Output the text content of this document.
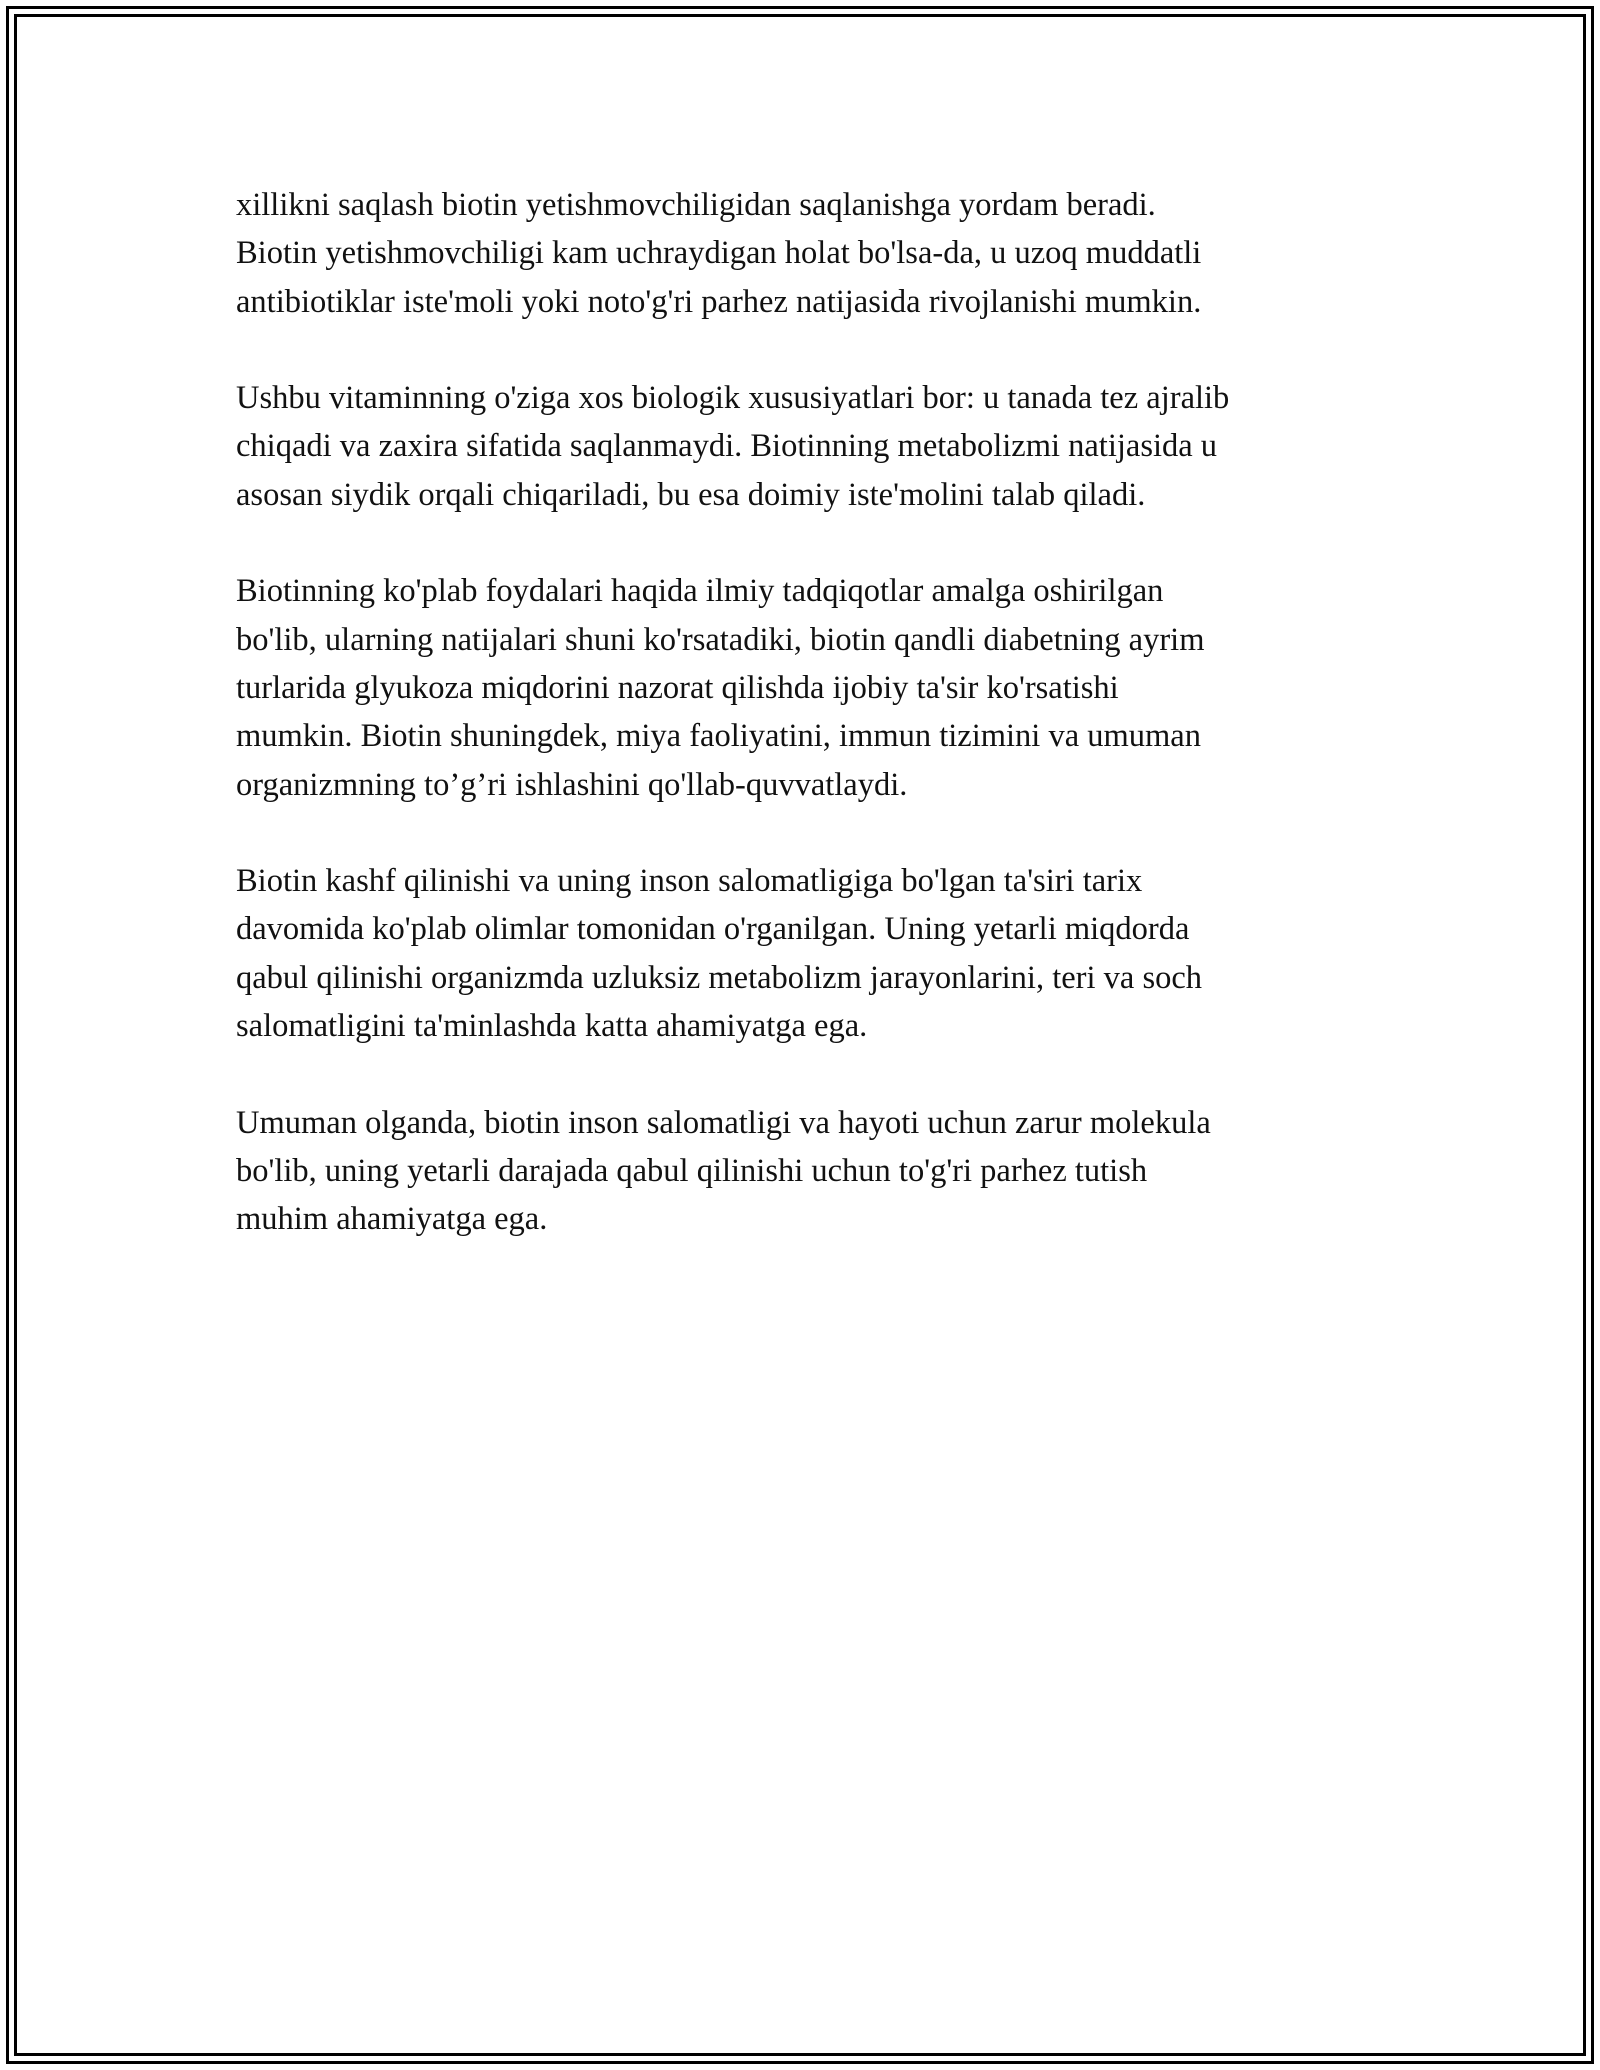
xillikni saqlash biotin yetishmovchiligidan saqlanishga yordam beradi.
Biotin yetishmovchiligi kam uchraydigan holat bo'lsa-da, u uzoq muddatli
antibiotiklar iste'moli yoki noto'g'ri parhez natijasida rivojlanishi mumkin.

Ushbu vitaminning o'ziga xos biologik xususiyatlari bor: u tanada tez ajralib
chiqadi va zaxira sifatida saqlanmaydi. Biotinning metabolizmi natijasida u
asosan siydik orqali chiqariladi, bu esa doimiy iste'molini talab qiladi.

Biotinning ko'plab foydalari haqida ilmiy tadqiqotlar amalga oshirilgan
bo'lib, ularning natijalari shuni ko'rsatadiki, biotin qandli diabetning ayrim
turlarida glyukoza miqdorini nazorat qilishda ijobiy ta'sir ko'rsatishi
mumkin. Biotin shuningdek, miya faoliyatini, immun tizimini va umuman
organizmning to’g’ri ishlashini qo'llab-quvvatlaydi.

Biotin kashf qilinishi va uning inson salomatligiga bo'lgan ta'siri tarix
davomida ko'plab olimlar tomonidan o'rganilgan. Uning yetarli miqdorda
qabul qilinishi organizmda uzluksiz metabolizm jarayonlarini, teri va soch
salomatligini ta'minlashda katta ahamiyatga ega.

Umuman olganda, biotin inson salomatligi va hayoti uchun zarur molekula
bo'lib, uning yetarli darajada qabul qilinishi uchun to'g'ri parhez tutish
muhim ahamiyatga ega.
